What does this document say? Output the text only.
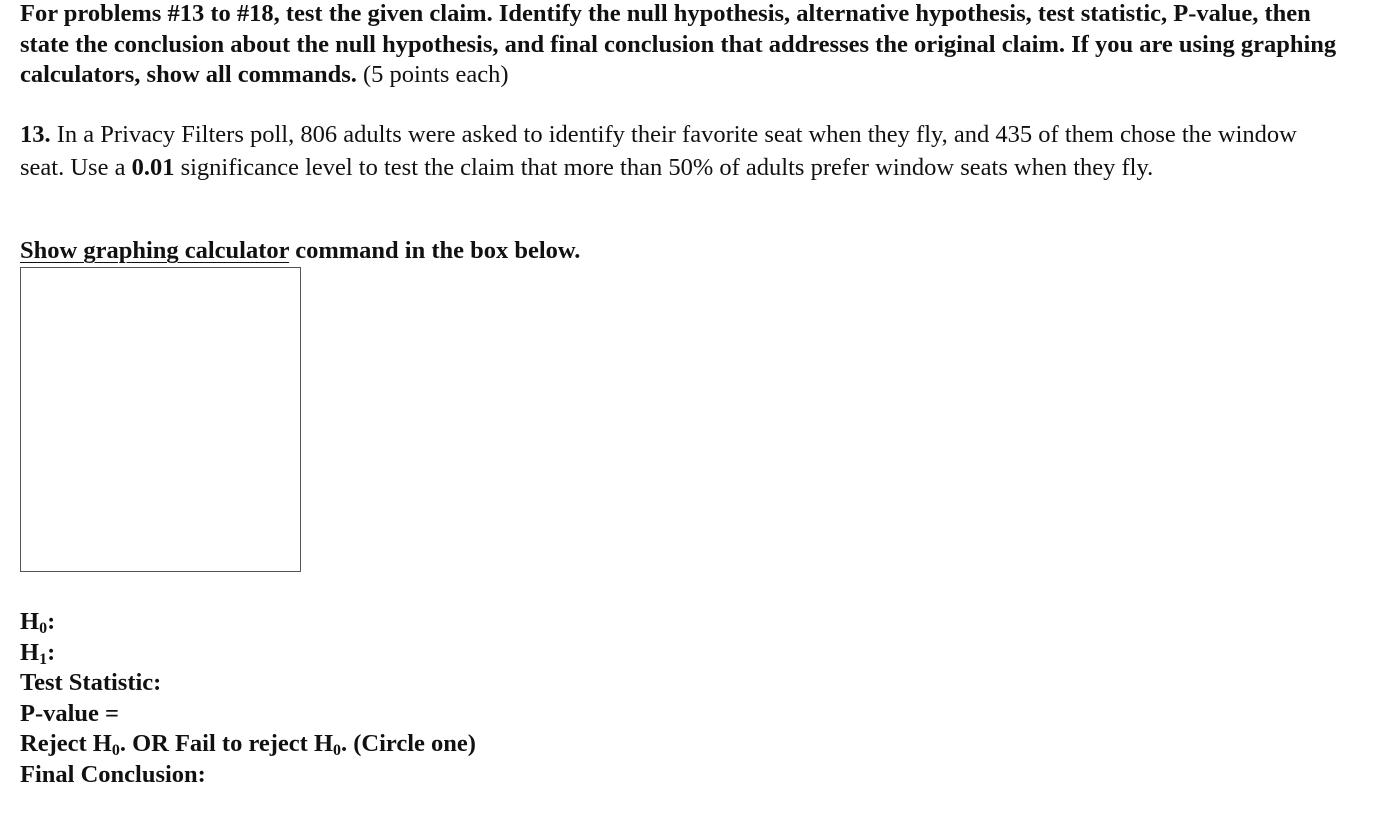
For problems #13 to #18, test the given claim. Identify the null hypothesis, alternative hypothesis, test statistic, P-value, then state the conclusion about the null hypothesis, and final conclusion that addresses the original claim. If you are using graphing calculators, show all commands. (5 points each)
13. In a Privacy Filters poll, 806 adults were asked to identify their favorite seat when they fly, and 435 of them chose the window seat. Use a 0.01 significance level to test the claim that more than 50% of adults prefer window seats when they fly.
Show graphing calculator command in the box below.
$H_0$:
$H_1$:
Test Statistic:
P-value =
Reject $H_0$. OR Fail to reject $H_0$. (Circle one)
Final Conclusion:
